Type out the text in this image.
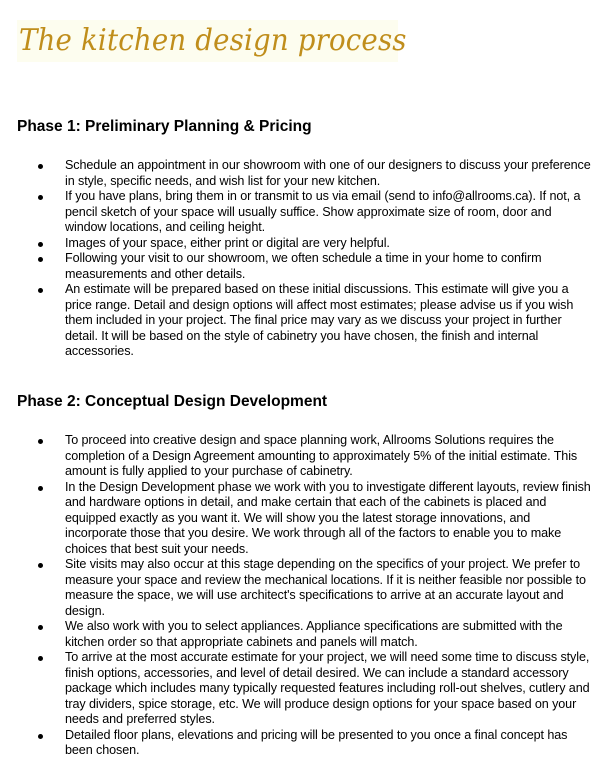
The kitchen design process
Phase 1: Preliminary Planning & Pricing
Schedule an appointment in our showroom with one of our designers to discuss your preference in style, specific needs, and wish list for your new kitchen.
If you have plans, bring them in or transmit to us via email (send to info@allrooms.ca). If not, a pencil sketch of your space will usually suffice. Show approximate size of room, door and window locations, and ceiling height.
Images of your space, either print or digital are very helpful.
Following your visit to our showroom, we often schedule a time in your home to confirm measurements and other details.
An estimate will be prepared based on these initial discussions. This estimate will give you a price range. Detail and design options will affect most estimates; please advise us if you wish them included in your project. The final price may vary as we discuss your project in further detail. It will be based on the style of cabinetry you have chosen, the finish and internal accessories.
Phase 2: Conceptual Design Development
To proceed into creative design and space planning work, Allrooms Solutions requires the completion of a Design Agreement amounting to approximately 5% of the initial estimate. This amount is fully applied to your purchase of cabinetry.
In the Design Development phase we work with you to investigate different layouts, review finish and hardware options in detail, and make certain that each of the cabinets is placed and equipped exactly as you want it. We will show you the latest storage innovations, and incorporate those that you desire. We work through all of the factors to enable you to make choices that best suit your needs.
Site visits may also occur at this stage depending on the specifics of your project. We prefer to measure your space and review the mechanical locations. If it is neither feasible nor possible to measure the space, we will use architect's specifications to arrive at an accurate layout and design.
We also work with you to select appliances. Appliance specifications are submitted with the kitchen order so that appropriate cabinets and panels will match.
To arrive at the most accurate estimate for your project, we will need some time to discuss style, finish options, accessories, and level of detail desired. We can include a standard accessory package which includes many typically requested features including roll-out shelves, cutlery and tray dividers, spice storage, etc. We will produce design options for your space based on your needs and preferred styles.
Detailed floor plans, elevations and pricing will be presented to you once a final concept has been chosen.
